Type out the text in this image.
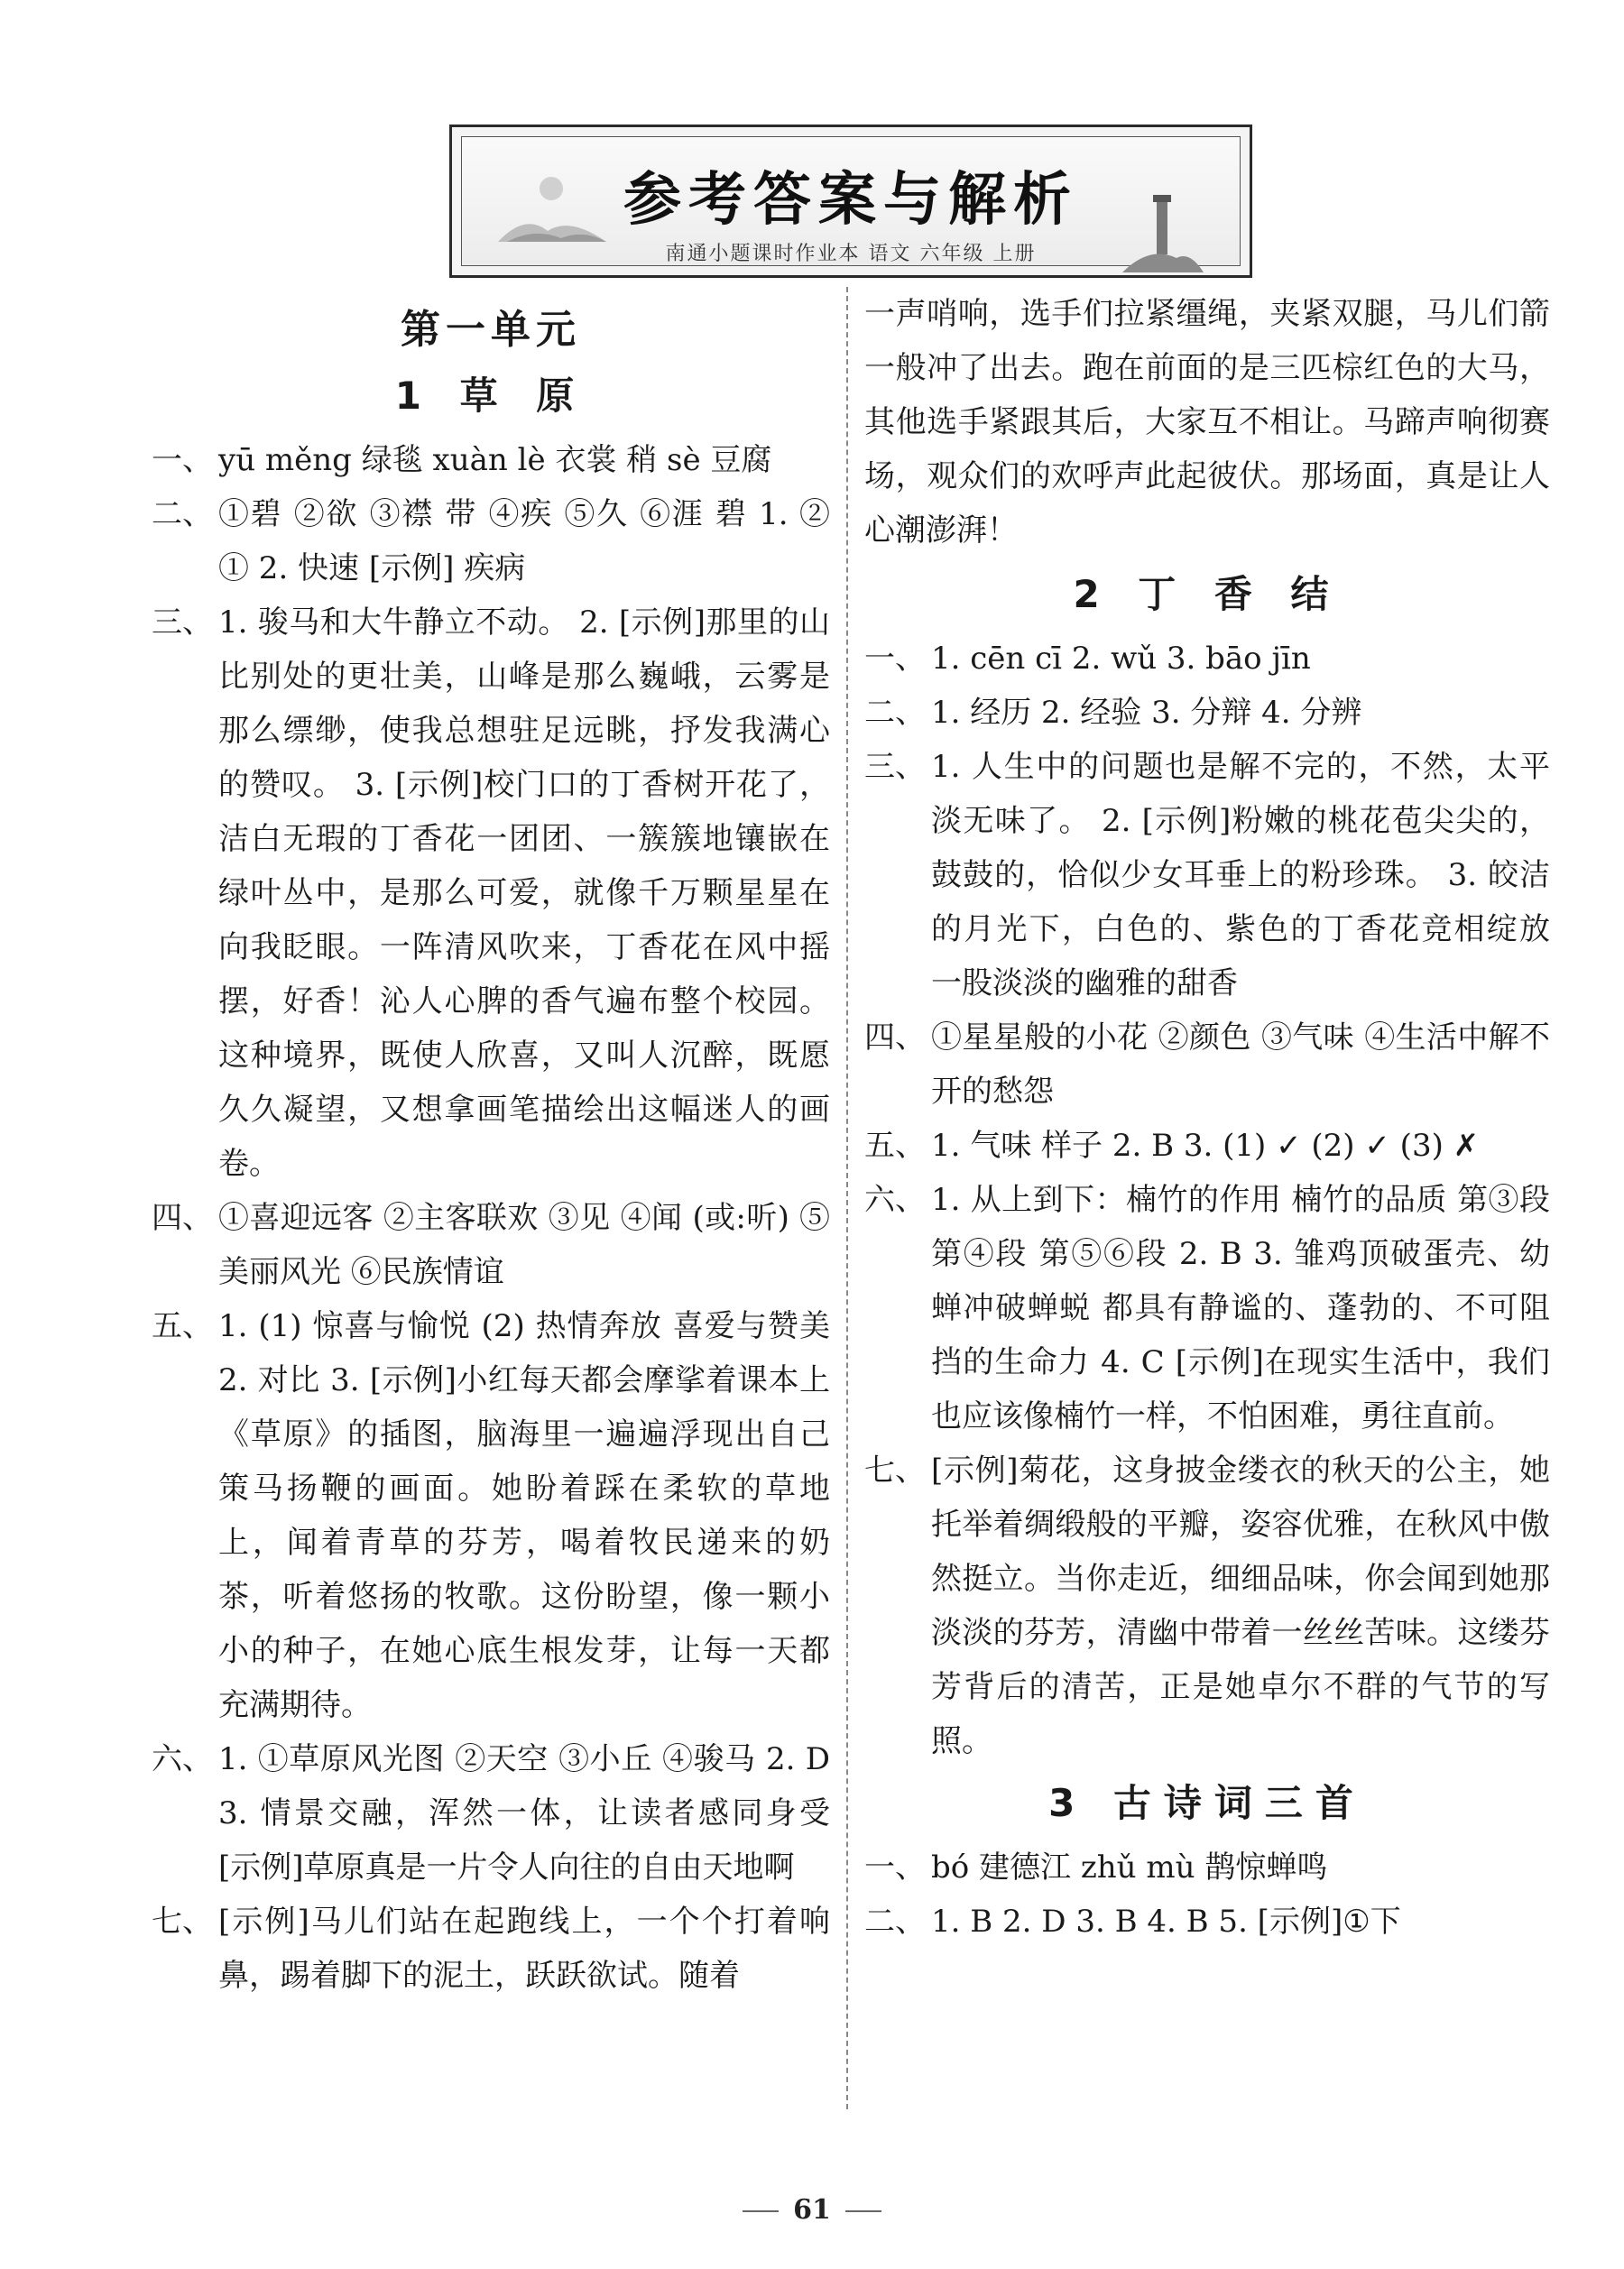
参考答案与解析
南通小题课时作业本 语文 六年级 上册
第一单元
1 草 原
一、 yū měng 绿毯 xuàn lè 衣裳 稍 sè 豆腐

二、 ①碧 ②欲 ③襟 带 ④疾 ⑤久 ⑥涯 碧 1. ② ① 2. 快速 [示例] 疾病

三、 1. 骏马和大牛静立不动。 2. [示例]那里的山比别处的更壮美，山峰是那么巍峨，云雾是那么缥缈，使我总想驻足远眺，抒发我满心的赞叹。 3. [示例]校门口的丁香树开花了，洁白无瑕的丁香花一团团、一簇簇地镶嵌在绿叶丛中，是那么可爱，就像千万颗星星在向我眨眼。一阵清风吹来，丁香花在风中摇摆，好香！沁人心脾的香气遍布整个校园。这种境界，既使人欣喜，又叫人沉醉，既愿久久凝望，又想拿画笔描绘出这幅迷人的画卷。

四、 ①喜迎远客 ②主客联欢 ③见 ④闻 (或:听) ⑤美丽风光 ⑥民族情谊

五、 1. (1) 惊喜与愉悦 (2) 热情奔放 喜爱与赞美 2. 对比 3. [示例]小红每天都会摩挲着课本上《草原》的插图，脑海里一遍遍浮现出自己策马扬鞭的画面。她盼着踩在柔软的草地上，闻着青草的芬芳，喝着牧民递来的奶茶，听着悠扬的牧歌。这份盼望，像一颗小小的种子，在她心底生根发芽，让每一天都充满期待。

六、 1. ①草原风光图 ②天空 ③小丘 ④骏马 2. D 3. 情景交融，浑然一体，让读者感同身受 [示例]草原真是一片令人向往的自由天地啊

七、 [示例]马儿们站在起跑线上，一个个打着响鼻，踢着脚下的泥土，跃跃欲试。随着

一声哨响，选手们拉紧缰绳，夹紧双腿，马儿们箭一般冲了出去。跑在前面的是三匹棕红色的大马，其他选手紧跟其后，大家互不相让。马蹄声响彻赛场，观众们的欢呼声此起彼伏。那场面，真是让人心潮澎湃！

2 丁 香 结
一、 1. cēn cī 2. wǔ 3. bāo jīn

二、 1. 经历 2. 经验 3. 分辩 4. 分辨

三、 1. 人生中的问题也是解不完的，不然，太平淡无味了。 2. [示例]粉嫩的桃花苞尖尖的，鼓鼓的，恰似少女耳垂上的粉珍珠。 3. 皎洁的月光下，白色的、紫色的丁香花竞相绽放 一股淡淡的幽雅的甜香

四、 ①星星般的小花 ②颜色 ③气味 ④生活中解不开的愁怨

五、 1. 气味 样子 2. B 3. (1) ✓ (2) ✓ (3) ✗

六、 1. 从上到下：楠竹的作用 楠竹的品质 第③段 第④段 第⑤⑥段 2. B 3. 雏鸡顶破蛋壳、幼蝉冲破蝉蜕 都具有静谧的、蓬勃的、不可阻挡的生命力 4. C [示例]在现实生活中，我们也应该像楠竹一样，不怕困难，勇往直前。

七、 [示例]菊花，这身披金缕衣的秋天的公主，她托举着绸缎般的平瓣，姿容优雅，在秋风中傲然挺立。当你走近，细细品味，你会闻到她那淡淡的芬芳，清幽中带着一丝丝苦味。这缕芬芳背后的清苦，正是她卓尔不群的气节的写照。

3 古诗词三首
一、 bó 建德江 zhǔ mù 鹊惊蝉鸣

二、 1. B 2. D 3. B 4. B 5. [示例]①下

61
